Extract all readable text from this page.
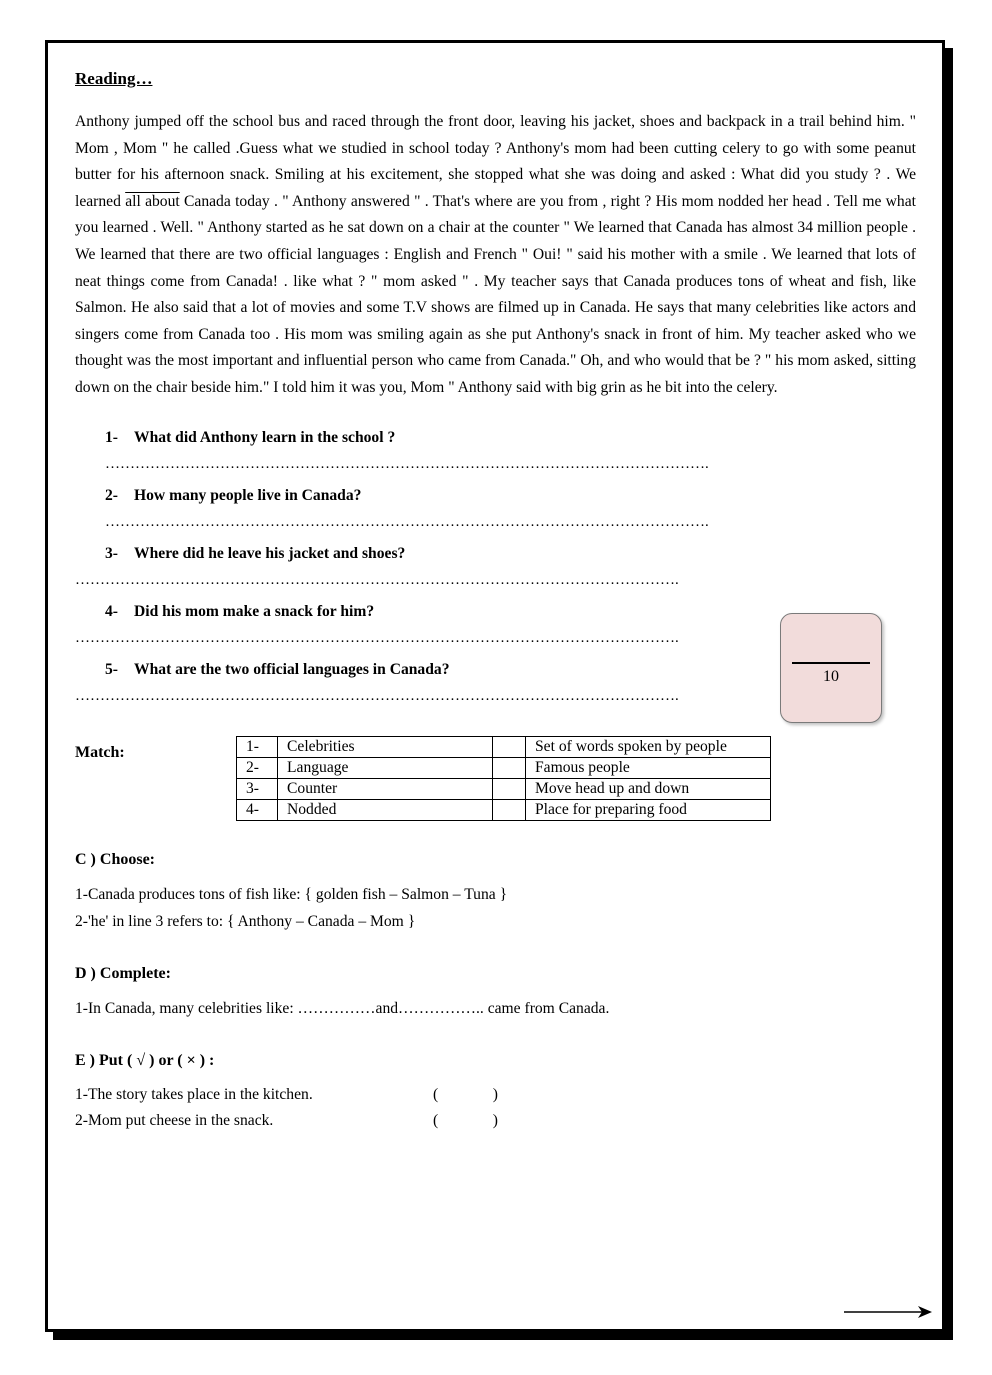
Reading…
Anthony jumped off the school bus and raced through the front door, leaving his jacket, shoes and backpack in a trail behind him. " Mom , Mom " he called .Guess what we studied in school today ? Anthony's mom had been cutting celery to go with some peanut butter for his afternoon snack. Smiling at his excitement, she stopped what she was doing and asked : What did you study ? . We learned all about Canada today . " Anthony answered " . That's where are you from , right ? His mom nodded her head . Tell me what you learned . Well. " Anthony started as he sat down on a chair at the counter " We learned that Canada has almost 34 million people . We learned that there are two official languages : English and French " Oui! " said his mother with a smile . We learned that lots of neat things come from Canada! . like what ? " mom asked " . My teacher says that Canada produces tons of wheat and fish, like Salmon. He also said that a lot of movies and some T.V shows are filmed up in Canada. He says that many celebrities like actors and singers come from Canada too . His mom was smiling again as she put Anthony's snack in front of him. My teacher asked who we thought was the most important and influential person who came from Canada." Oh, and who would that be ? " his mom asked, sitting down on the chair beside him." I told him it was you, Mom " Anthony said with big grin as he bit into the celery.
1- What did Anthony learn in the school ?
………………………………………………………………………………………………………….
2- How many people live in Canada?
………………………………………………………………………………………………………….
3- Where did he leave his jacket and shoes?
………………………………………………………………………………………………………….
4- Did his mom make a snack for him?
………………………………………………………………………………………………………….
5- What are the two official languages in Canada?
………………………………………………………………………………………………………….
10
Match:	1-	Celebrities		Set of words spoken by people
2-	Language		Famous people
3-	Counter		Move head up and down
4-	Nodded		Place for preparing food
C ) Choose:
1-Canada produces tons of fish like: { golden fish – Salmon – Tuna }
2-'he' in line 3 refers to: { Anthony – Canada – Mom }
D ) Complete:
1-In Canada, many celebrities like: ……………and…………….. came from Canada.
E ) Put ( √ ) or ( × ) :
1-The story takes place in the kitchen.	(              )
2-Mom put cheese in the snack.	(              )
